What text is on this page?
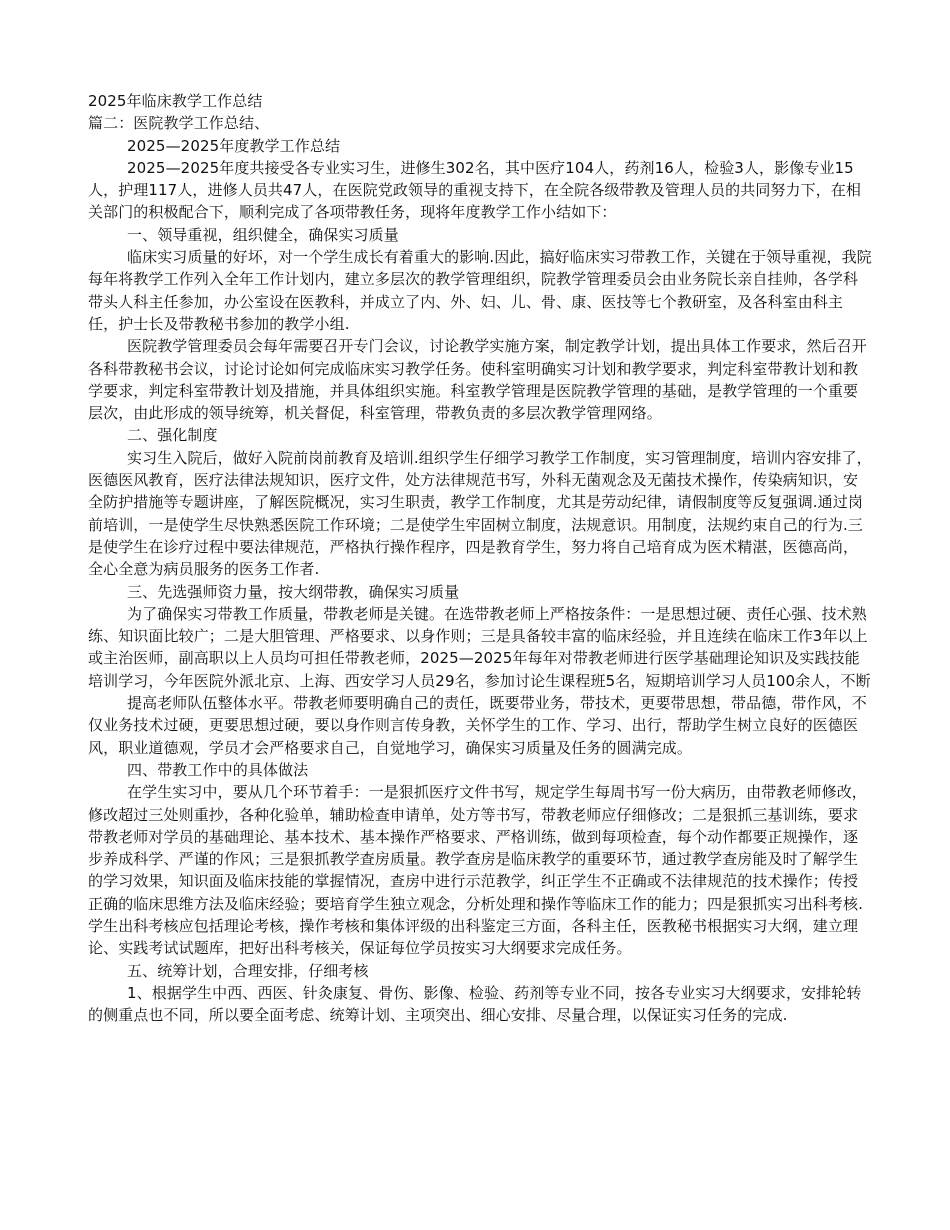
2025年临床教学工作总结

篇二：医院教学工作总结、

2025—2025年度教学工作总结

2025—2025年度共接受各专业实习生，进修生302名，其中医疗104人，药剂16人，检验3人，影像专业15人，护理117人，进修人员共47人，在医院党政领导的重视支持下，在全院各级带教及管理人员的共同努力下，在相关部门的积极配合下，顺利完成了各项带教任务，现将年度教学工作小结如下：

一、领导重视，组织健全，确保实习质量

临床实习质量的好坏，对一个学生成长有着重大的影响.因此，搞好临床实习带教工作，关键在于领导重视，我院每年将教学工作列入全年工作计划内，建立多层次的教学管理组织，院教学管理委员会由业务院长亲自挂帅，各学科带头人科主任参加，办公室设在医教科，并成立了内、外、妇、儿、骨、康、医技等七个教研室，及各科室由科主任，护士长及带教秘书参加的教学小组.

医院教学管理委员会每年需要召开专门会议，讨论教学实施方案，制定教学计划，提出具体工作要求，然后召开各科带教秘书会议，讨论讨论如何完成临床实习教学任务。使科室明确实习计划和教学要求，判定科室带教计划和教学要求，判定科室带教计划及措施，并具体组织实施。科室教学管理是医院教学管理的基础，是教学管理的一个重要层次，由此形成的领导统筹，机关督促，科室管理，带教负责的多层次教学管理网络。

二、强化制度

实习生入院后，做好入院前岗前教育及培训.组织学生仔细学习教学工作制度，实习管理制度，培训内容安排了，医德医风教育，医疗法律法规知识，医疗文件，处方法律规范书写，外科无菌观念及无菌技术操作，传染病知识，安全防护措施等专题讲座，了解医院概况，实习生职责，教学工作制度，尤其是劳动纪律，请假制度等反复强调.通过岗前培训，一是使学生尽快熟悉医院工作环境；二是使学生牢固树立制度，法规意识。用制度，法规约束自己的行为.三是使学生在诊疗过程中要法律规范，严格执行操作程序，四是教育学生，努力将自己培育成为医术精湛，医德高尚，全心全意为病员服务的医务工作者.

三、先选强师资力量，按大纲带教，确保实习质量

为了确保实习带教工作质量，带教老师是关键。在选带教老师上严格按条件：一是思想过硬、责任心强、技术熟练、知识面比较广；二是大胆管理、严格要求、以身作则；三是具备较丰富的临床经验，并且连续在临床工作3年以上或主治医师，副高职以上人员均可担任带教老师，2025—2025年每年对带教老师进行医学基础理论知识及实践技能培训学习，今年医院外派北京、上海、西安学习人员29名，参加讨论生课程班5名，短期培训学习人员100余人，不断

提高老师队伍整体水平。带教老师要明确自己的责任，既要带业务，带技术，更要带思想，带品德，带作风，不仅业务技术过硬，更要思想过硬，要以身作则言传身教，关怀学生的工作、学习、出行，帮助学生树立良好的医德医风，职业道德观，学员才会严格要求自己，自觉地学习，确保实习质量及任务的圆满完成。

四、带教工作中的具体做法

在学生实习中，要从几个环节着手：一是狠抓医疗文件书写，规定学生每周书写一份大病历，由带教老师修改，修改超过三处则重抄，各种化验单，辅助检查申请单，处方等书写，带教老师应仔细修改；二是狠抓三基训练，要求带教老师对学员的基础理论、基本技术、基本操作严格要求、严格训练，做到每项检查，每个动作都要正规操作，逐步养成科学、严谨的作风；三是狠抓教学查房质量。教学查房是临床教学的重要环节，通过教学查房能及时了解学生的学习效果，知识面及临床技能的掌握情况，查房中进行示范教学，纠正学生不正确或不法律规范的技术操作；传授正确的临床思维方法及临床经验；要培育学生独立观念，分析处理和操作等临床工作的能力；四是狠抓实习出科考核.学生出科考核应包括理论考核，操作考核和集体评级的出科鉴定三方面，各科主任，医教秘书根据实习大纲，建立理论、实践考试试题库，把好出科考核关，保证每位学员按实习大纲要求完成任务。

五、统筹计划，合理安排，仔细考核

1、根据学生中西、西医、针灸康复、骨伤、影像、检验、药剂等专业不同，按各专业实习大纲要求，安排轮转的侧重点也不同，所以要全面考虑、统筹计划、主项突出、细心安排、尽量合理，以保证实习任务的完成.
